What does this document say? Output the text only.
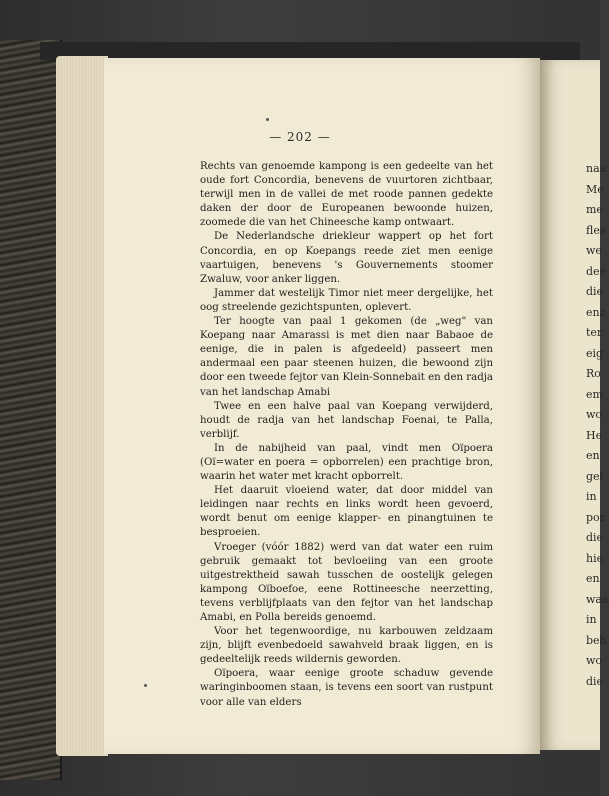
— 202 —

Rechts van genoemde kampong is een gedeelte van het oude fort Concordia, benevens de vuurtoren zichtbaar, terwijl men in de vallei de met roode pannen gedekte daken der door de Europeanen bewoonde huizen, zoomede die van het Chineesche kamp ontwaart.

De Nederlandsche driekleur wappert op het fort Concordia, en op Koepangs reede ziet men eenige vaartuigen, benevens 's Gouvernements stoomer Zwaluw, voor anker liggen.

Jammer dat westelijk Timor niet meer dergelijke, het oog streelende gezichtspunten, oplevert.

Ter hoogte van paal 1 gekomen (de „weg" van Koepang naar Amarassi is met dien naar Babaoe de eenige, die in palen is afgedeeld) passeert men andermaal een paar steenen huizen, die bewoond zijn door een tweede fejtor van Klein-Sonnebait en den radja van het landschap Amabi

Twee en een halve paal van Koepang verwijderd, houdt de radja van het landschap Foenai, te Palla, verblijf.

In de nabijheid van paal, vindt men Oïpoera (Oï=water en poera = opborrelen) een prachtige bron, waarin het water met kracht opborrelt.

Het daaruit vloeiend water, dat door middel van leidingen naar rechts en links wordt heen gevoerd, wordt benut om eenige klapper- en pinangtuinen te besproeien.

Vroeger (vóór 1882) werd van dat water een ruim gebruik gemaakt tot bevloeiing van een groote uitgestrektheid sawah tusschen de oostelijk gelegen kampong Oïboefoe, eene Rottineesche neerzetting, tevens verblijfplaats van den fejtor van het landschap Amabi, en Polla bereids genoemd.

Voor het tegenwoordige, nu karbouwen zeldzaam zijn, blijft evenbedoeld sawahveld braak liggen, en is gedeeltelijk reeds wildernis geworden.

Oïpoera, waar eenige groote schaduw gevende waringinboomen staan, is tevens een soort van rustpunt voor alle van elders

naa
Me
me
fles
we
dee
die
enz
ter
eig
Ro
em
wo
He
en
gel
in
por
die
hie
en
waa
in
beh
wo
die
